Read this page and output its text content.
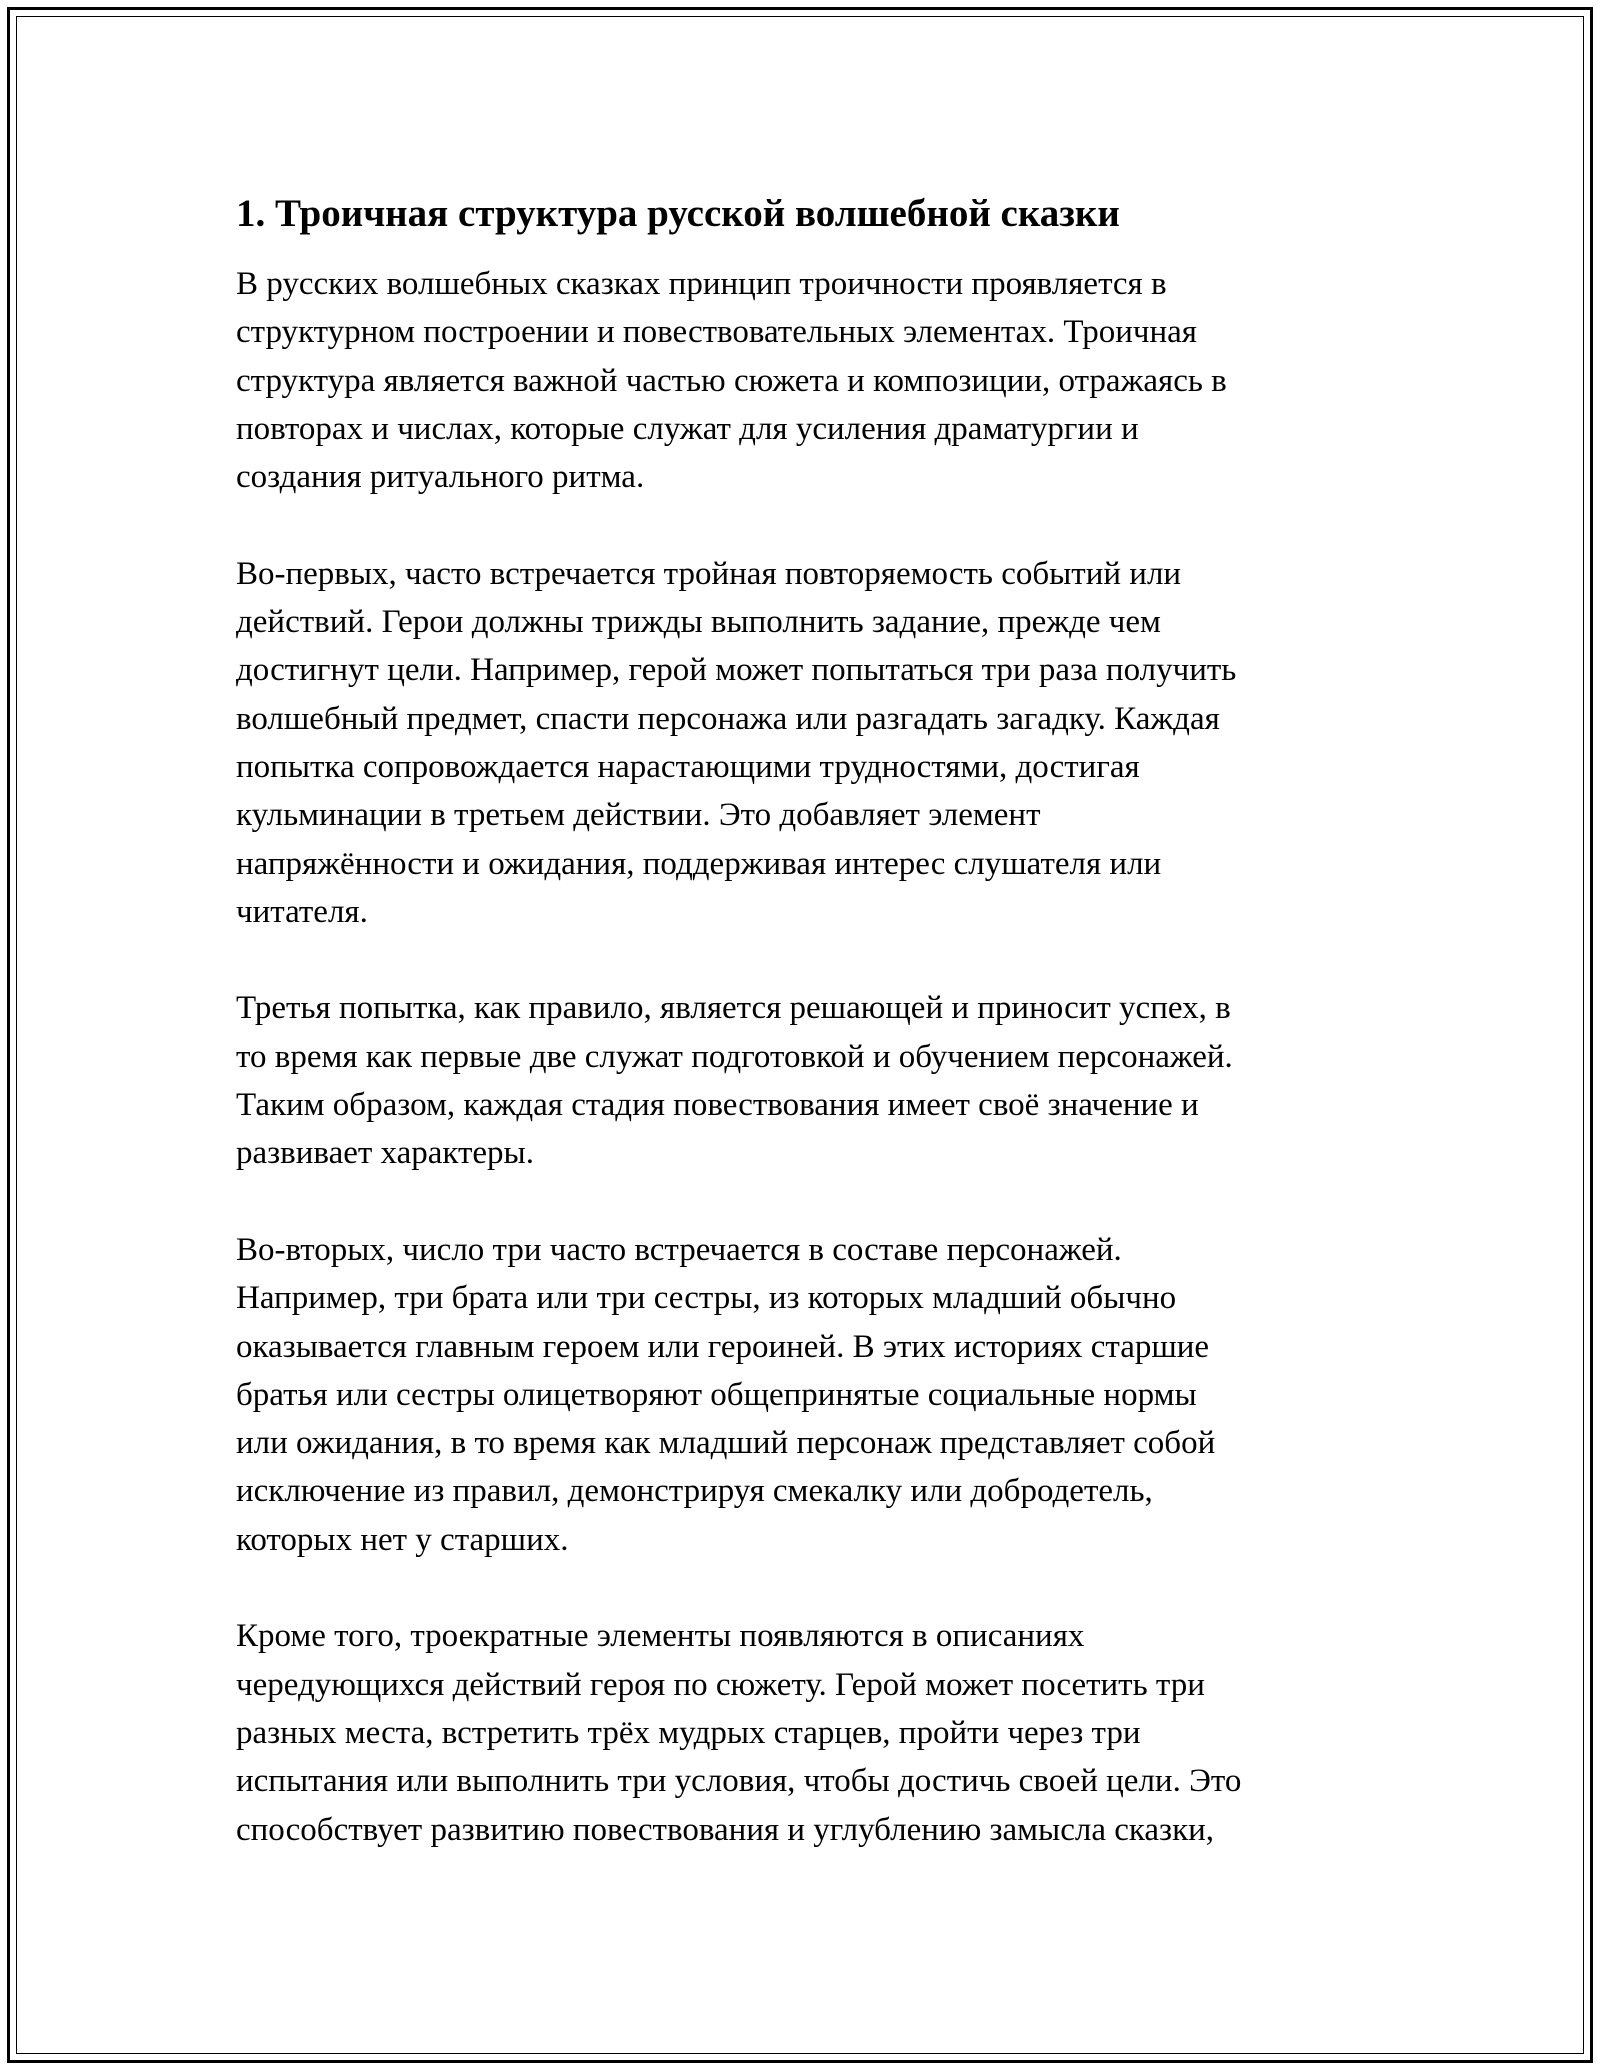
1. Троичная структура русской волшебной сказки
В русских волшебных сказках принцип троичности проявляется в
структурном построении и повествовательных элементах. Троичная
структура является важной частью сюжета и композиции, отражаясь в
повторах и числах, которые служат для усиления драматургии и
создания ритуального ритма.
Во-первых, часто встречается тройная повторяемость событий или
действий. Герои должны трижды выполнить задание, прежде чем
достигнут цели. Например, герой может попытаться три раза получить
волшебный предмет, спасти персонажа или разгадать загадку. Каждая
попытка сопровождается нарастающими трудностями, достигая
кульминации в третьем действии. Это добавляет элемент
напряжённости и ожидания, поддерживая интерес слушателя или
читателя.
Третья попытка, как правило, является решающей и приносит успех, в
то время как первые две служат подготовкой и обучением персонажей.
Таким образом, каждая стадия повествования имеет своё значение и
развивает характеры.
Во-вторых, число три часто встречается в составе персонажей.
Например, три брата или три сестры, из которых младший обычно
оказывается главным героем или героиней. В этих историях старшие
братья или сестры олицетворяют общепринятые социальные нормы
или ожидания, в то время как младший персонаж представляет собой
исключение из правил, демонстрируя смекалку или добродетель,
которых нет у старших.
Кроме того, троекратные элементы появляются в описаниях
чередующихся действий героя по сюжету. Герой может посетить три
разных места, встретить трёх мудрых старцев, пройти через три
испытания или выполнить три условия, чтобы достичь своей цели. Это
способствует развитию повествования и углублению замысла сказки,
